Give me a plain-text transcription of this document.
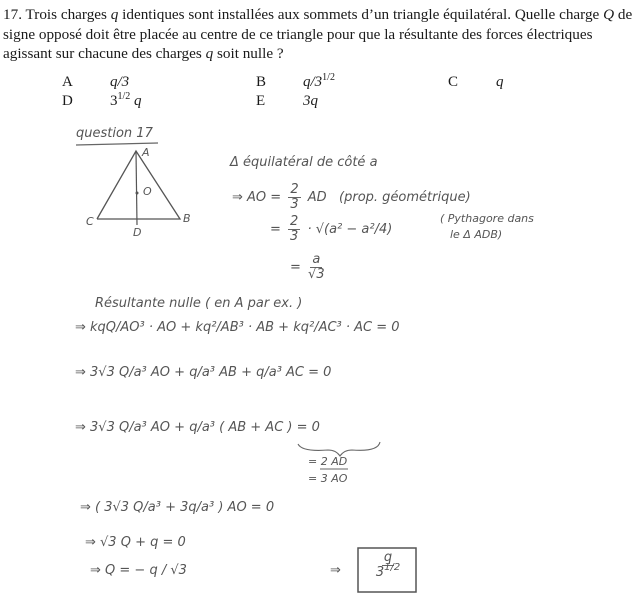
17. Trois charges q identiques sont installées aux sommets d’un triangle équilatéral. Quelle charge Q de signe opposé doit être placée au centre de ce triangle pour que la résultante des forces électriques agissant sur chacune des charges q soit nulle ?

A q/3	B $q/3^{1/2}$	C	q
D $3^{1/2}$ q	E	3q
A
O
C	B
D
question 17
Δ équilatéral de côté a
⇒ AO = $\frac{2}{3}$ AD (prop. géométrique)
= $\frac{2}{3} \cdot √(a^2 - a^2/4)$
( Pythagore dans
le Δ ADB)
= $\frac{a}{√3}$
Résultante nulle ( en A par ex. )
⇒ kqQ/AO³ · AO + kq²/AB³ · AB + kq²/AC³ · AC = 0
⇒ 3√3 Q/a³ AO + q/a³ AB + q/a³ AC = 0
⇒ 3√3 Q/a³ AO + q/a³ ( AB + AC ) = 0
= 2 AD
= 3 AO
⇒ ( 3√3 Q/a³ + 3q/a³ ) AO = 0
⇒ √3 Q + q = 0
⇒ Q = − q / √3	⇒	$\frac{q}{3^{1/2}}$
